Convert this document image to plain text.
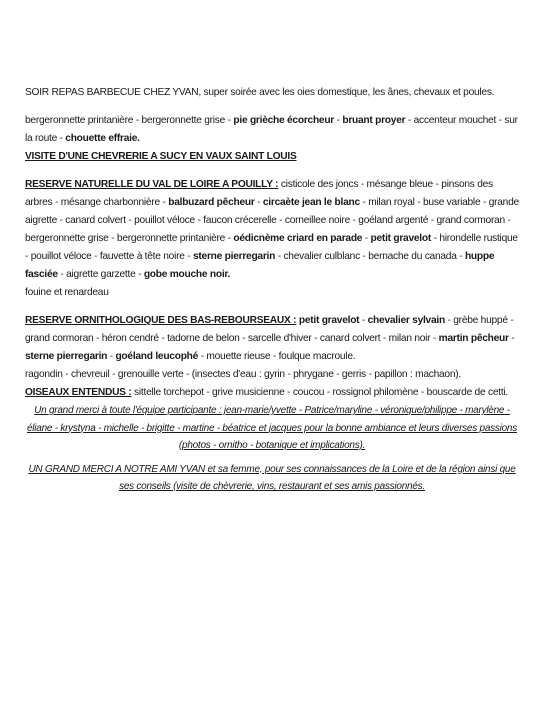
SOIR REPAS BARBECUE CHEZ YVAN, super soirée avec les oies domestique, les ânes, chevaux et poules.

bergeronnette printanière - bergeronnette grise - pie grièche écorcheur - bruant proyer - accenteur mouchet - sur la route - chouette effraie.

VISITE D'UNE CHEVRERIE A SUCY EN VAUX SAINT LOUIS

RESERVE NATURELLE DU VAL DE LOIRE A POUILLY : cisticole des joncs - mésange bleue - pinsons des arbres - mésange charbonnière - balbuzard pêcheur - circaète jean le blanc - milan royal - buse variable - grande aigrette - canard colvert - pouillot véloce - faucon crécerelle - corneillee noire - goéland argenté - grand cormoran - bergeronnette grise - bergeronnette printanière - oédicnème criard en parade - petit gravelot - hirondelle rustique - pouillot véloce - fauvette à tête noire - sterne pierregarin - chevalier culblanc - bernache du canada - huppe fasciée - aigrette garzette - gobe mouche noir.

fouine et renardeau

RESERVE ORNITHOLOGIQUE DES BAS-REBOURSEAUX : petit gravelot - chevalier sylvain - grèbe huppé - grand cormoran - héron cendré - tadorne de belon - sarcelle d'hiver - canard colvert - milan noir - martin pêcheur - sterne pierregarin - goéland leucophé - mouette rieuse - foulque macroule.

ragondin - chevreuil - grenouille verte - (insectes d'eau : gyrin - phrygane - gerris - papillon : machaon).

OISEAUX ENTENDUS : sittelle torchepot - grive musicienne - coucou - rossignol philomène - bouscarde de cetti.

Un grand merci à toute l'équipe participante : jean-marie/yvette - Patrice/maryline - véronique/philippe - marylène - éliane - krystyna - michelle - brigitte - martine - béatrice et jacques pour la bonne ambiance et leurs diverses passions (photos - ornitho - botanique et implications).

UN GRAND MERCI A NOTRE AMI YVAN et sa femme, pour ses connaissances de la Loire et de la région ainsi que ses conseils (visite de chèvrerie, vins, restaurant et ses amis passionnés.
